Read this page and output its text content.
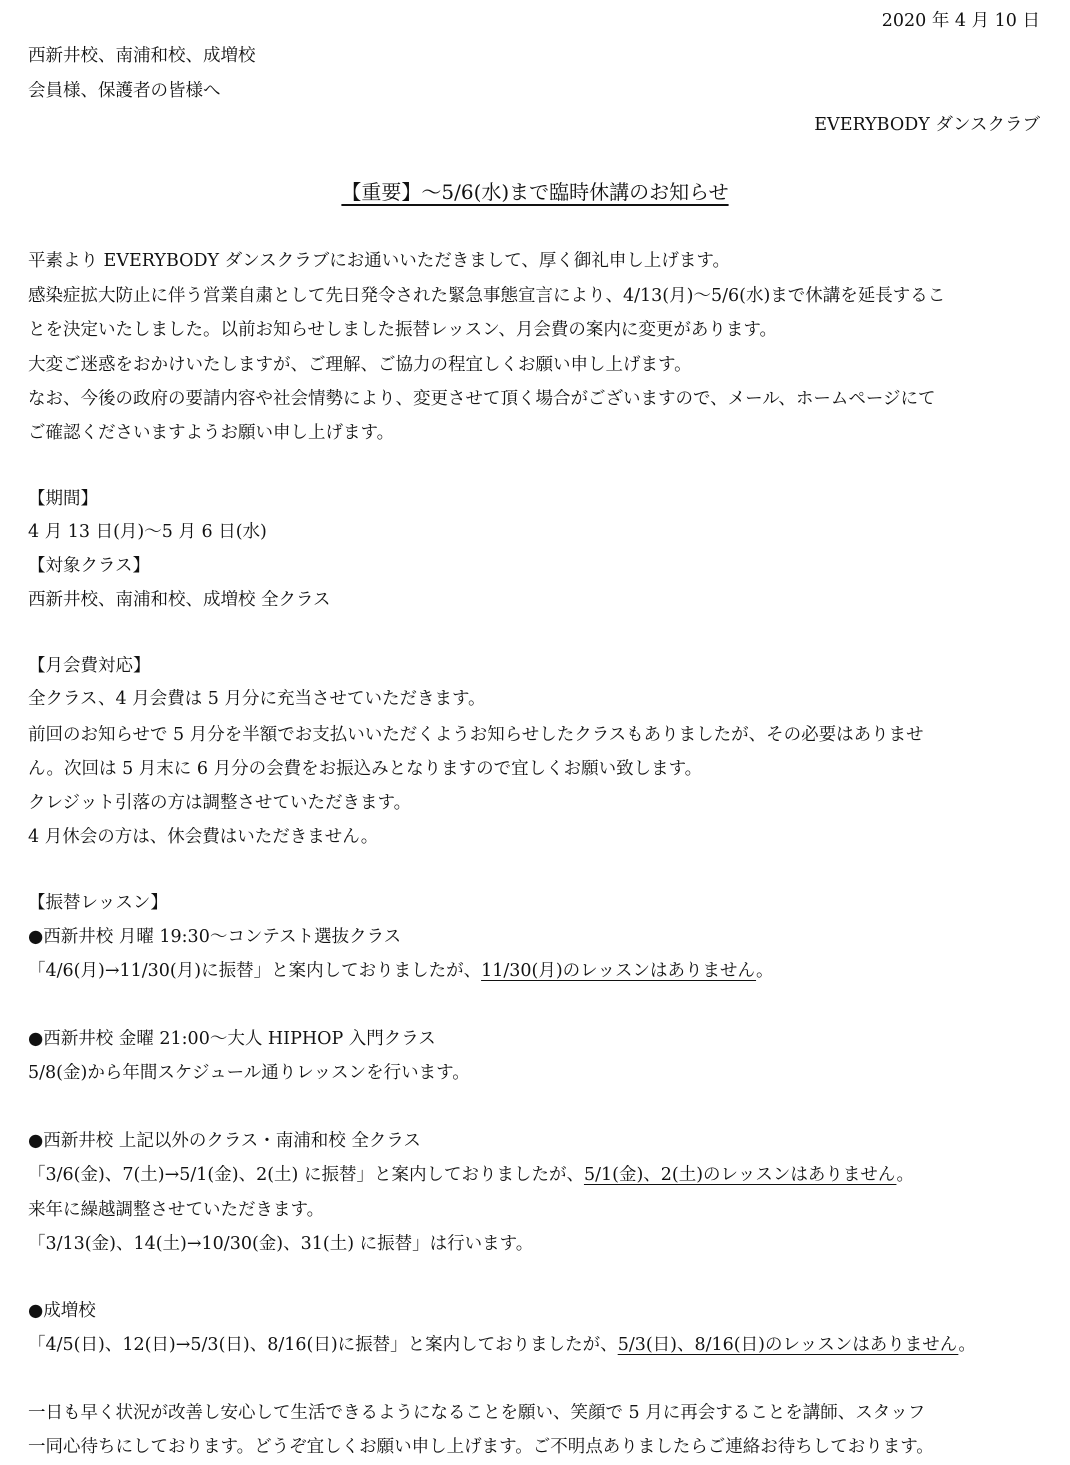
2020 年 4 月 10 日
西新井校、南浦和校、成増校
会員様、保護者の皆様へ
EVERYBODY ダンスクラブ
【重要】～5/6(水)まで臨時休講のお知らせ
平素より EVERYBODY ダンスクラブにお通いいただきまして、厚く御礼申し上げます。
感染症拡大防止に伴う営業自粛として先日発令された緊急事態宣言により、4/13(月)～5/6(水)まで休講を延長するこ
とを決定いたしました。以前お知らせしました振替レッスン、月会費の案内に変更があります。
大変ご迷惑をおかけいたしますが、ご理解、ご協力の程宜しくお願い申し上げます。
なお、今後の政府の要請内容や社会情勢により、変更させて頂く場合がございますので、メール、ホームページにて
ご確認くださいますようお願い申し上げます。
【期間】
4 月 13 日(月)～5 月 6 日(水)
【対象クラス】
西新井校、南浦和校、成増校 全クラス
【月会費対応】
全クラス、4 月会費は 5 月分に充当させていただきます。
前回のお知らせで 5 月分を半額でお支払いいただくようお知らせしたクラスもありましたが、その必要はありませ
ん。次回は 5 月末に 6 月分の会費をお振込みとなりますので宜しくお願い致します。
クレジット引落の方は調整させていただきます。
4 月休会の方は、休会費はいただきません。
【振替レッスン】
●西新井校 月曜 19:30～コンテスト選抜クラス
「4/6(月)→11/30(月)に振替」と案内しておりましたが、11/30(月)のレッスンはありません。
●西新井校 金曜 21:00～大人 HIPHOP 入門クラス
5/8(金)から年間スケジュール通りレッスンを行います。
●西新井校 上記以外のクラス・南浦和校 全クラス
「3/6(金)、7(土)→5/1(金)、2(土) に振替」と案内しておりましたが、5/1(金)、2(土)のレッスンはありません。
来年に繰越調整させていただきます。
「3/13(金)、14(土)→10/30(金)、31(土) に振替」は行います。
●成増校
「4/5(日)、12(日)→5/3(日)、8/16(日)に振替」と案内しておりましたが、5/3(日)、8/16(日)のレッスンはありません。
一日も早く状況が改善し安心して生活できるようになることを願い、笑顔で 5 月に再会することを講師、スタッフ
一同心待ちにしております。どうぞ宜しくお願い申し上げます。ご不明点ありましたらご連絡お待ちしております。
